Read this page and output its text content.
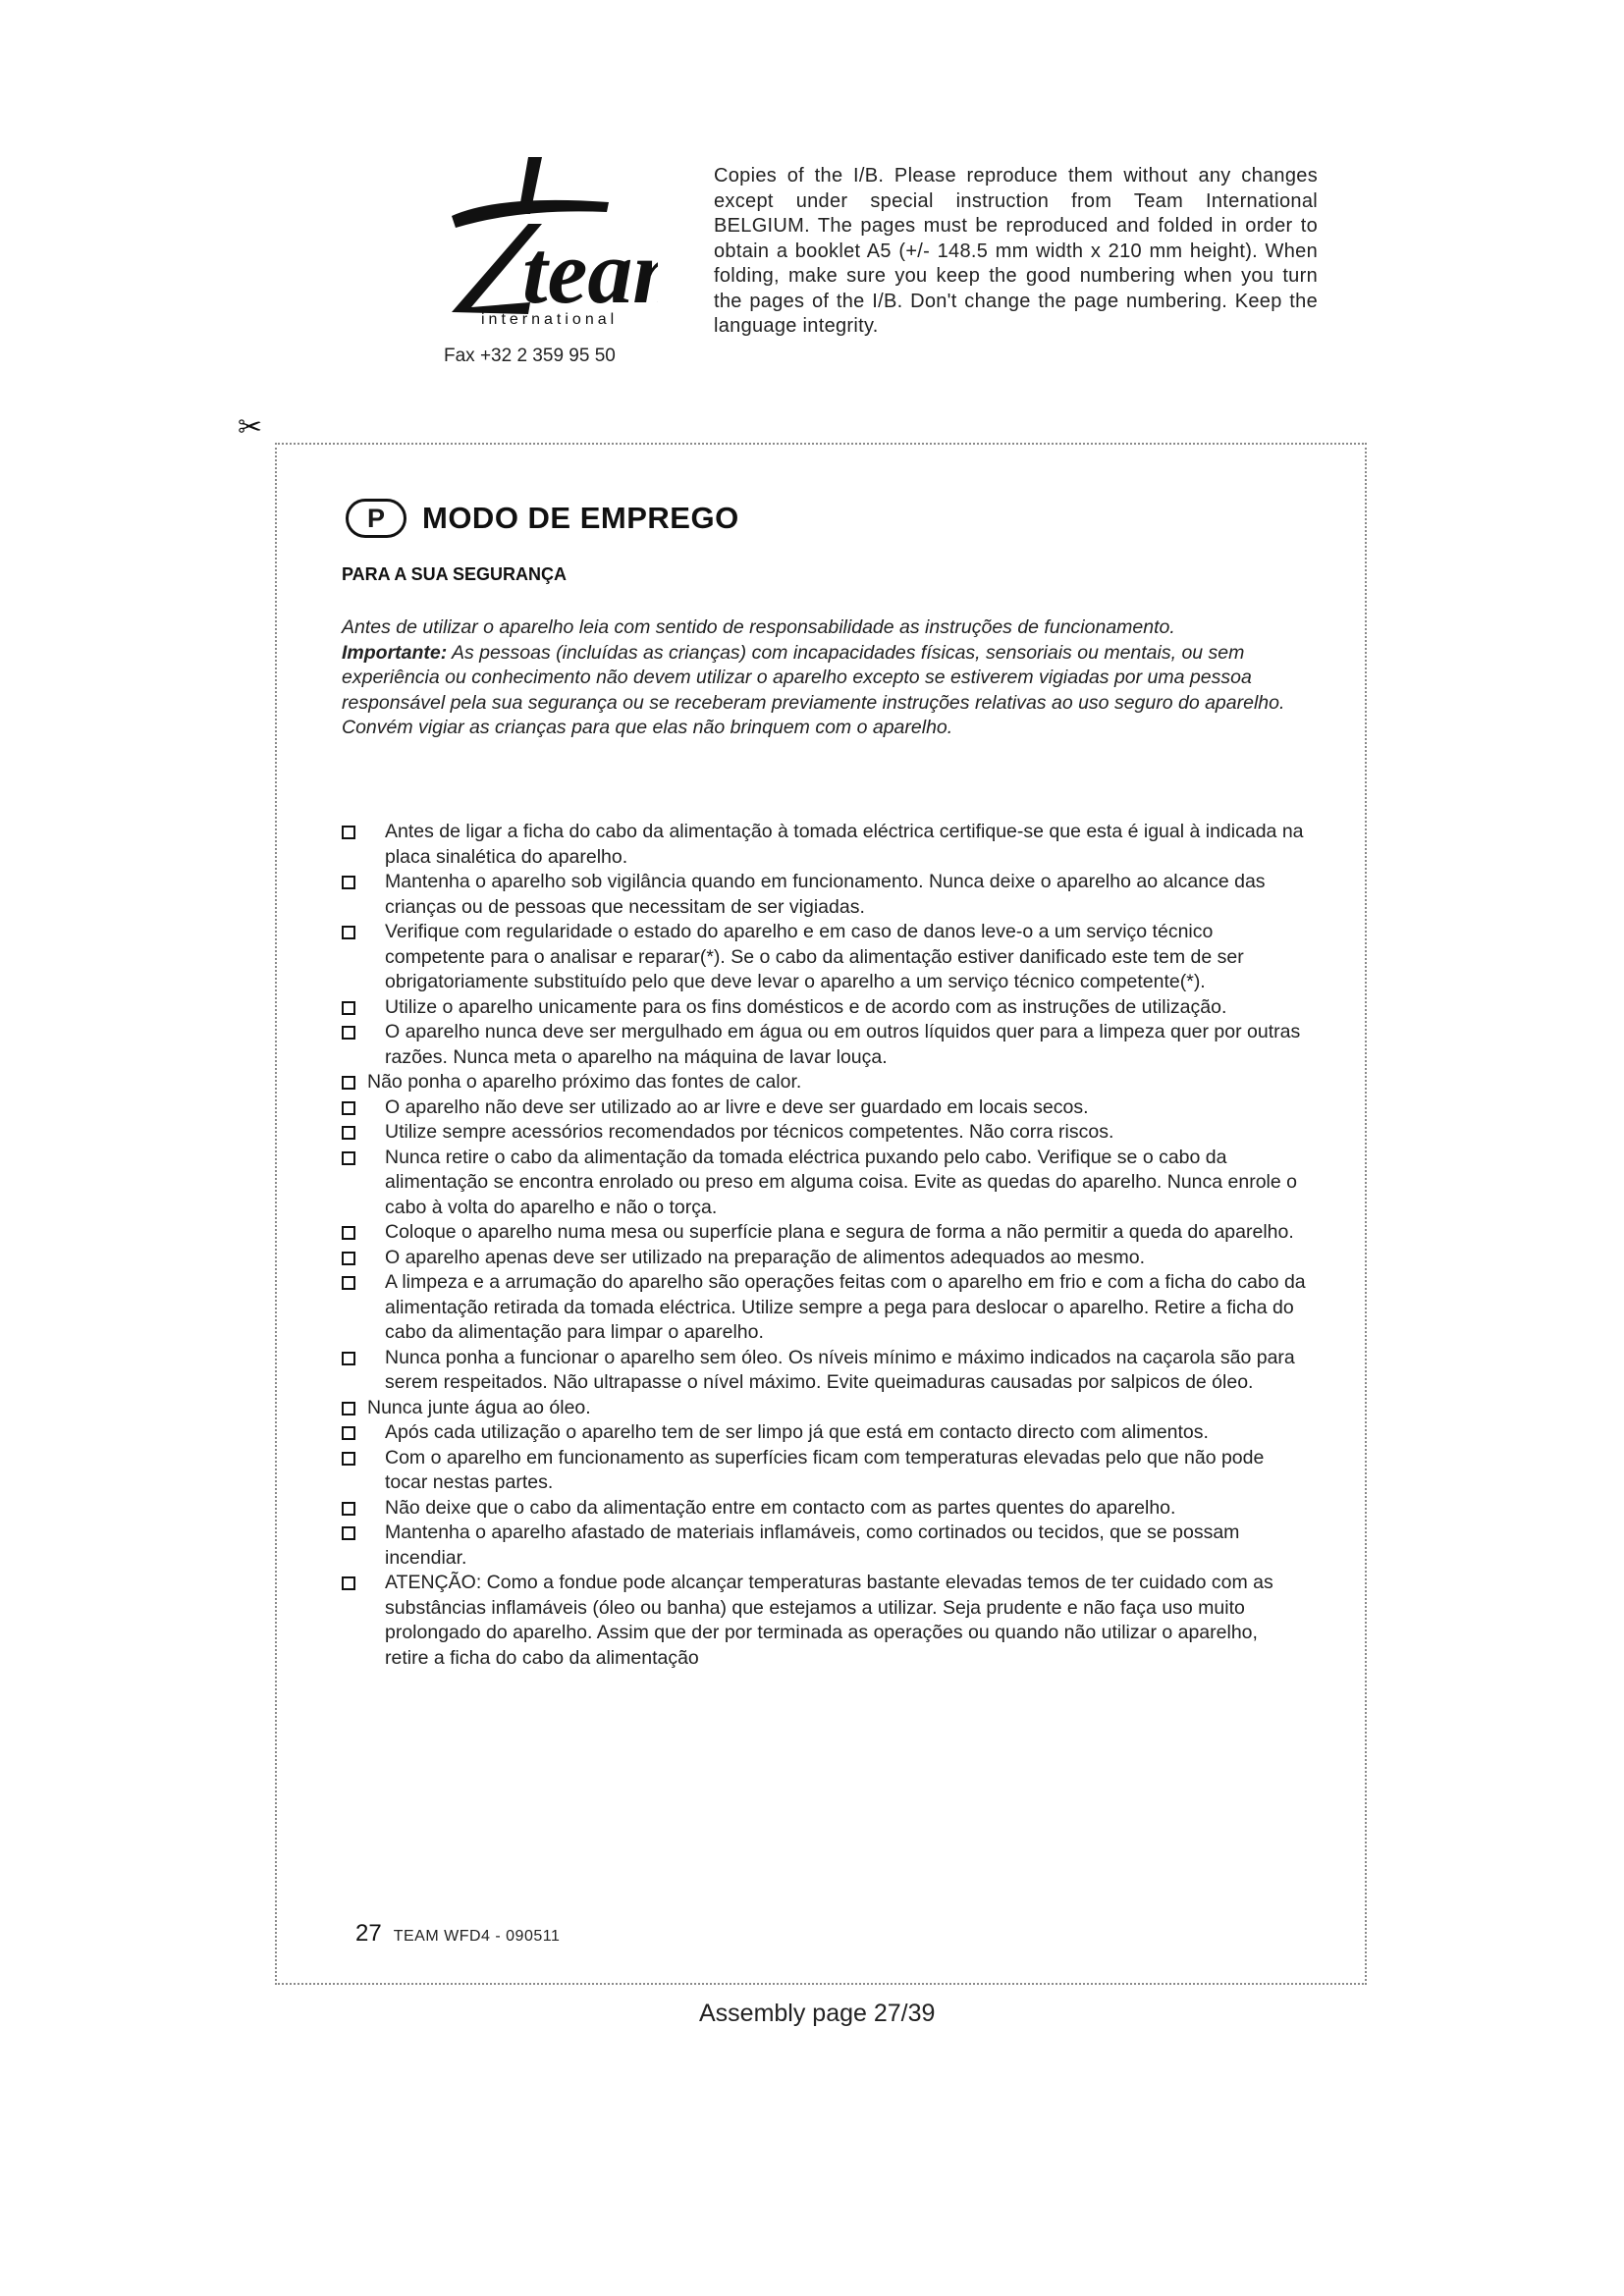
tea
international
Fax +32 2 359 95 50
Copies of the I/B. Please reproduce them without any changes except under special instruction from Team International BELGIUM. The pages must be reproduced and folded in order to obtain a booklet A5 (+/- 148.5 mm width x 210 mm height). When folding, make sure you keep the good numbering when you turn the pages of the I/B. Don't change the page numbering. Keep the language integrity.
✂
P	MODO DE EMPREGO
PARA A SUA SEGURANÇA

Antes de utilizar o aparelho leia com sentido de responsabilidade as instruções de funcionamento.

Importante: As pessoas (incluídas as crianças) com incapacidades físicas, sensoriais ou mentais, ou sem experiência ou conhecimento não devem utilizar o aparelho excepto se estiverem vigiadas por uma pessoa responsável pela sua segurança ou se receberam previamente instruções relativas ao uso seguro do aparelho.

Convém vigiar as crianças para que elas não brinquem com o aparelho.

Antes de ligar a ficha do cabo da alimentação à tomada eléctrica certifique-se que esta é igual à indicada na placa sinalética do aparelho.
Mantenha o aparelho sob vigilância quando em funcionamento. Nunca deixe o aparelho ao alcance das crianças ou de pessoas que necessitam de ser vigiadas.
Verifique com regularidade o estado do aparelho e em caso de danos leve-o a um serviço técnico competente para o analisar e reparar(*). Se o cabo da alimentação estiver danificado este tem de ser obrigatoriamente substituído pelo que deve levar o aparelho a um serviço técnico competente(*).
Utilize o aparelho unicamente para os fins domésticos e de acordo com as instruções de utilização.
O aparelho nunca deve ser mergulhado em água ou em outros líquidos quer para a limpeza quer por outras razões. Nunca meta o aparelho na máquina de lavar louça.
Não ponha o aparelho próximo das fontes de calor.
O aparelho não deve ser utilizado ao ar livre e deve ser guardado em locais secos.
Utilize sempre acessórios recomendados por técnicos competentes. Não corra riscos.
Nunca retire o cabo da alimentação da tomada eléctrica puxando pelo cabo. Verifique se o cabo da alimentação se encontra enrolado ou preso em alguma coisa. Evite as quedas do aparelho. Nunca enrole o cabo à volta do aparelho e não o torça.
Coloque o aparelho numa mesa ou superfície plana e segura de forma a não permitir a queda do aparelho.
O aparelho apenas deve ser utilizado na preparação de alimentos adequados ao mesmo.
A limpeza e a arrumação do aparelho são operações feitas com o aparelho em frio e com a ficha do cabo da alimentação retirada da tomada eléctrica. Utilize sempre a pega para deslocar o aparelho. Retire a ficha do cabo da alimentação para limpar o aparelho.
Nunca ponha a funcionar o aparelho sem óleo. Os níveis mínimo e máximo indicados na caçarola são para serem respeitados. Não ultrapasse o nível máximo. Evite queimaduras causadas por salpicos de óleo.
Nunca junte água ao óleo.
Após cada utilização o aparelho tem de ser limpo já que está em contacto directo com alimentos.
Com o aparelho em funcionamento as superfícies ficam com temperaturas elevadas pelo que não pode tocar nestas partes.
Não deixe que o cabo da alimentação entre em contacto com as partes quentes do aparelho.
Mantenha o aparelho afastado de materiais inflamáveis, como cortinados ou tecidos, que se possam incendiar.
ATENÇÃO: Como a fondue pode alcançar temperaturas bastante elevadas temos de ter cuidado com as substâncias inflamáveis (óleo ou banha) que estejamos a utilizar. Seja prudente e não faça uso muito prolongado do aparelho. Assim que der por terminada as operações ou quando não utilizar o aparelho, retire a ficha do cabo da alimentação
27 TEAM WFD4 - 090511
Assembly page 27/39
